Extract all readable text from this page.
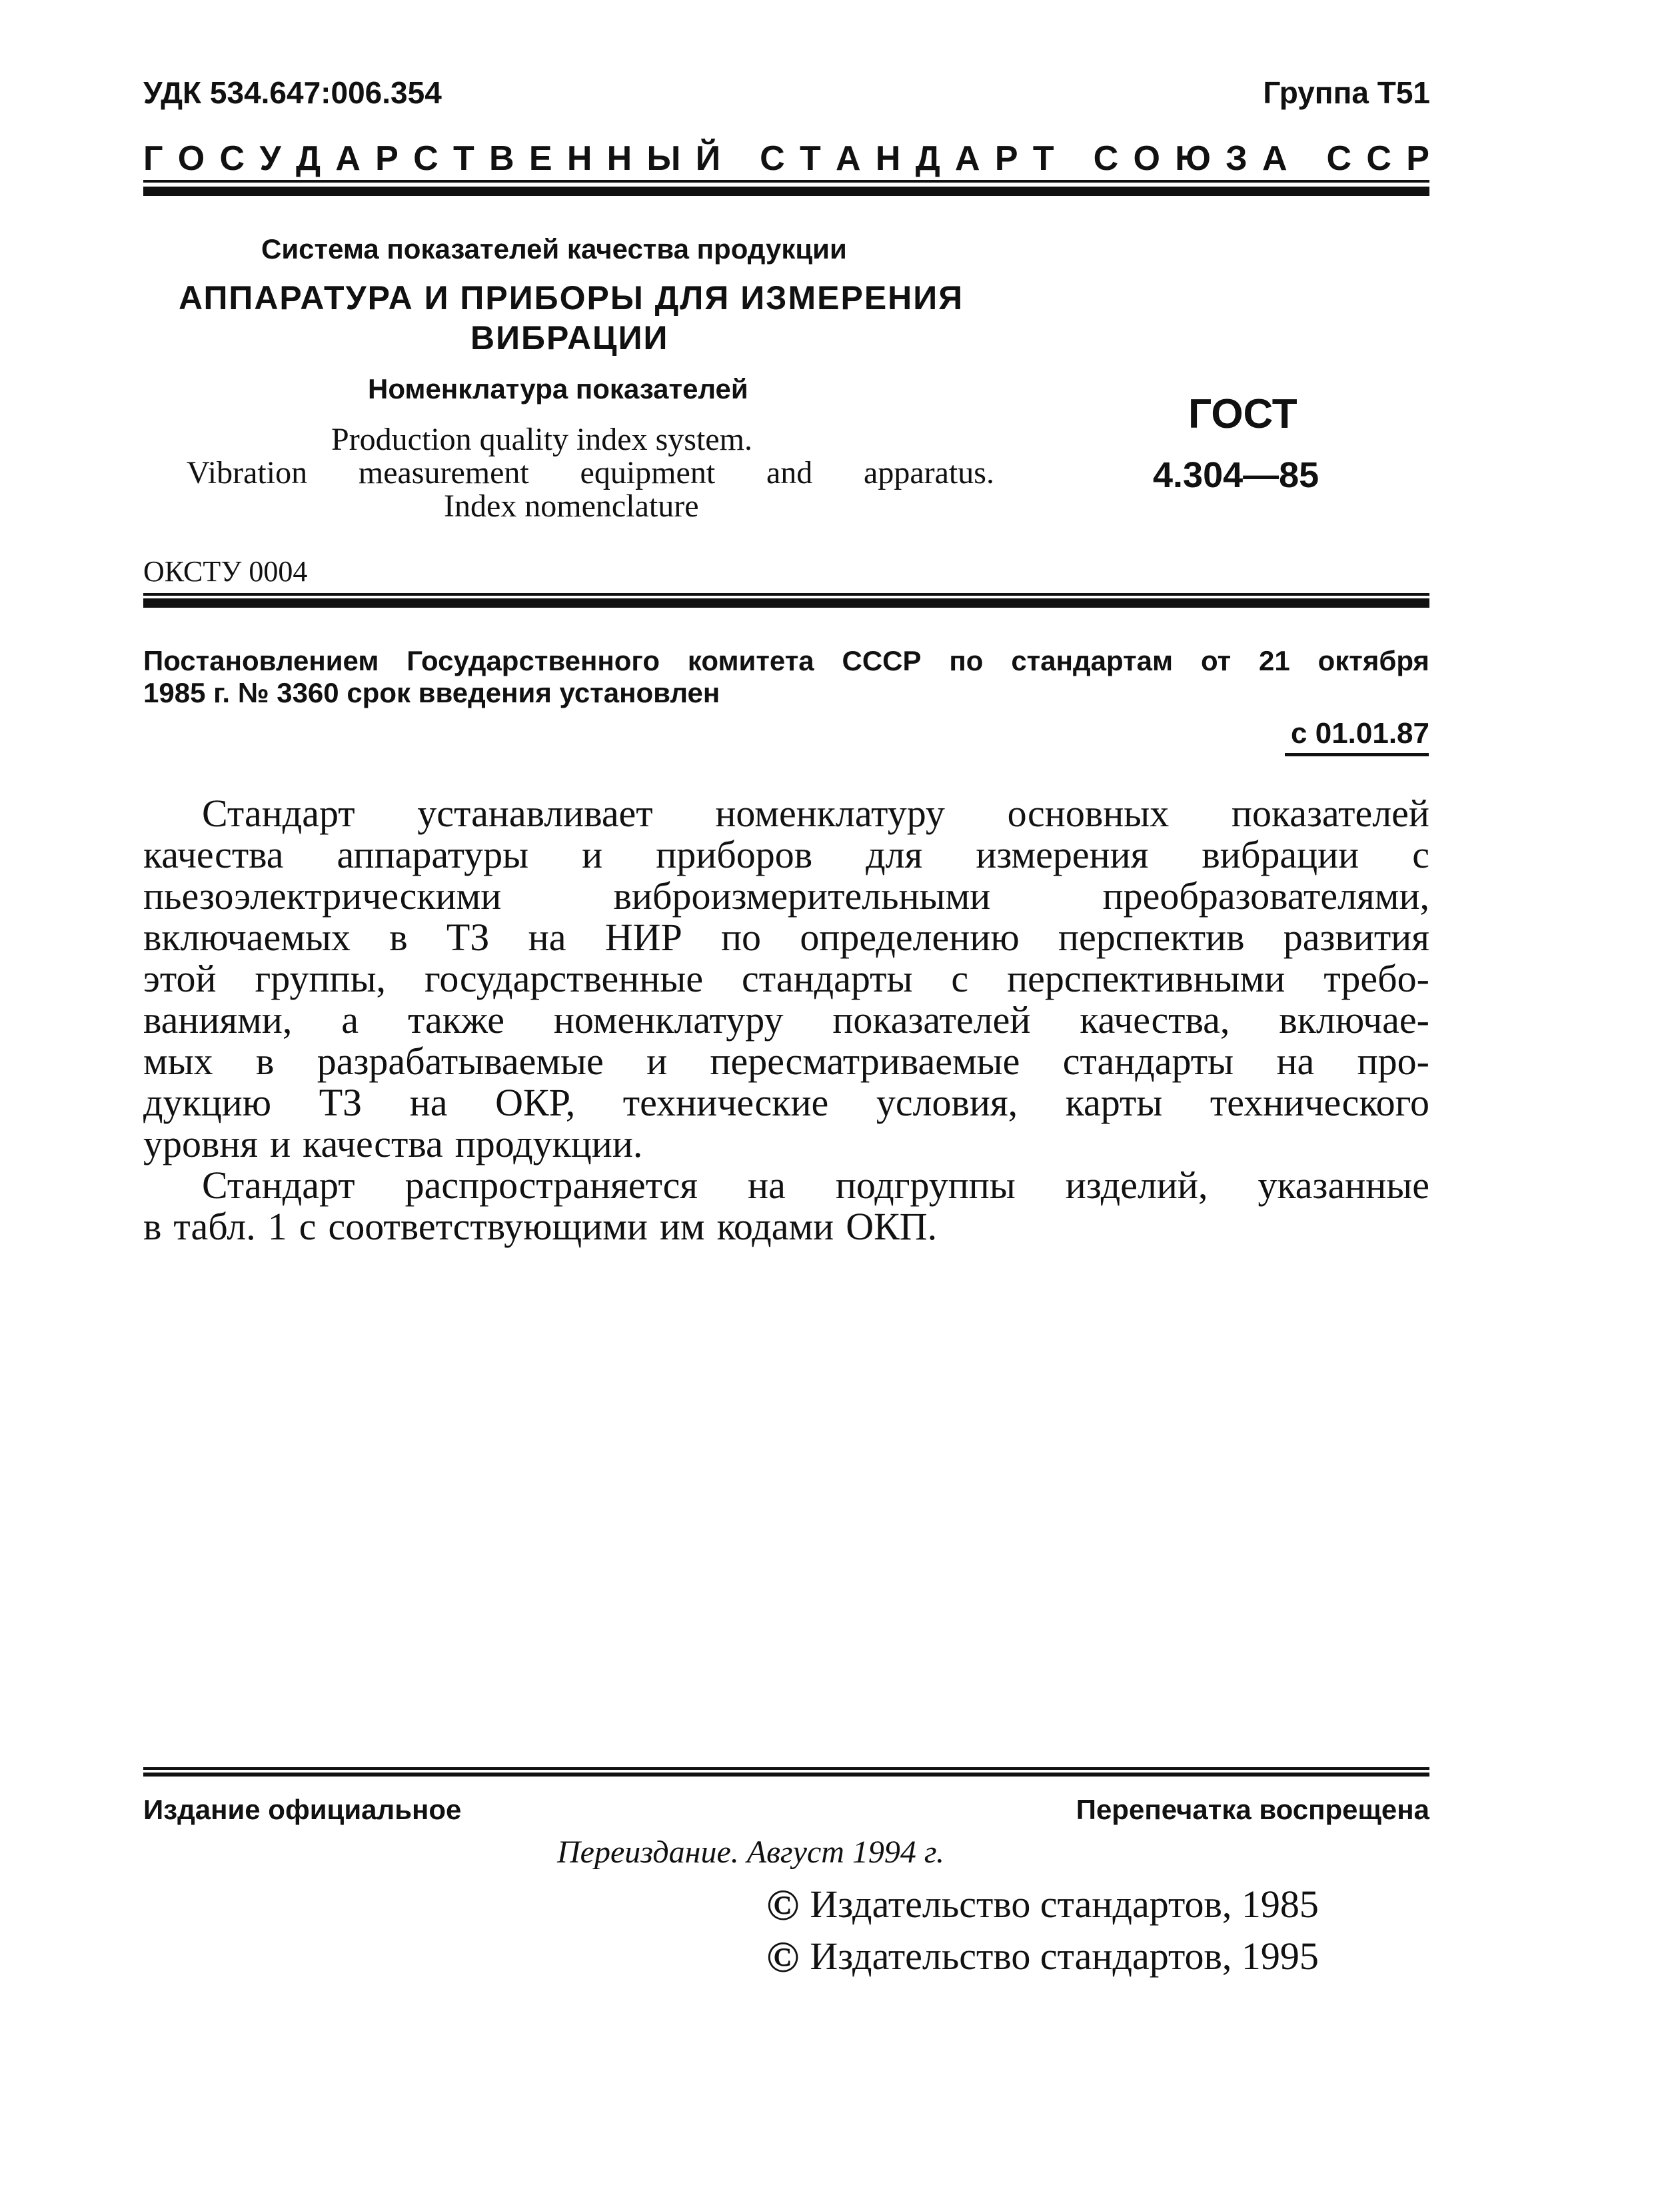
УДК 534.647:006.354	Группа Т51
Г О С У Д А Р С Т В Е Н Н Ы Й
С Т А Н Д А Р Т
С О Ю З А
С С Р
Система показателей качества продукции
АППАРАТУРА И ПРИБОРЫ ДЛЯ ИЗМЕРЕНИЯ
ВИБРАЦИИ
Номенклатура показателей
Production quality index system.
Vibration measurement equipment and apparatus.
Index nomenclature
ГОСТ
4.304—85
ОКСТУ 0004
Постановлением Государственного комитета СССР по стандартам от 21 октября
1985 г. № 3360 срок введения установлен
с 01.01.87
Стандарт устанавливает номенклатуру основных показателей
качества аппаратуры и приборов для измерения вибрации с
пьезоэлектрическими	виброизмерительными	преобразователями,
включаемых в ТЗ на НИР по определению перспектив развития
этой группы, государственные стандарты с перспективными требо-
ваниями, а также номенклатуру показателей качества, включае-
мых в разрабатываемые и пересматриваемые стандарты на про-
дукцию ТЗ на ОКР, технические условия, карты технического
уровня и качества продукции.
Стандарт распространяется на подгруппы изделий, указанные
в табл. 1 с соответствующими им кодами ОКП.
Издание официальное	Перепечатка воспрещена
Переиздание. Август 1994 г.
© Издательство стандартов, 1985
© Издательство стандартов, 1995
